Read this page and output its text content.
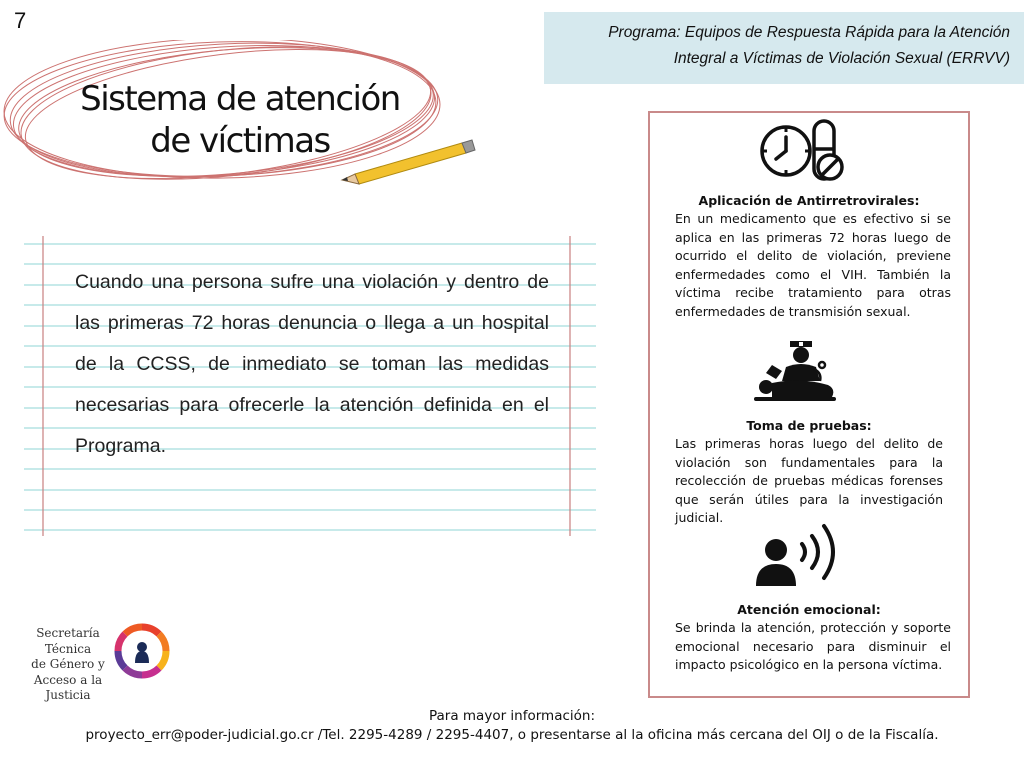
7	Programa: Equipos de Respuesta Rápida para la Atención
Integral a Víctimas de Violación Sexual (ERRVV)
Sistema de atención
de víctimas
Cuando una persona sufre una violación y dentro de las primeras 72 horas denuncia o llega a un hospital de la CCSS, de inmediato se toman las medidas necesarias para ofrecerle la atención definida en el Programa.
Aplicación de Antirretrovirales:
En un medicamento que es efectivo si se aplica en las primeras 72 horas luego de ocurrido el delito de violación, previene enfermedades como el VIH. También la víctima recibe tratamiento para otras enfermedades de transmisión sexual.
Toma de pruebas:
Las primeras horas luego del delito de violación son fundamentales para la recolección de pruebas médicas forenses que serán útiles para la investigación judicial.
Atención emocional:
Se brinda la atención, protección y soporte emocional necesario para disminuir el impacto psicológico en la persona víctima.
Secretaría Técnica
de Género y
Acceso a la Justicia
Para mayor información:
proyecto_err@poder-judicial.go.cr /Tel. 2295-4289 / 2295-4407, o presentarse al la oficina más cercana del OIJ o de la Fiscalía.
